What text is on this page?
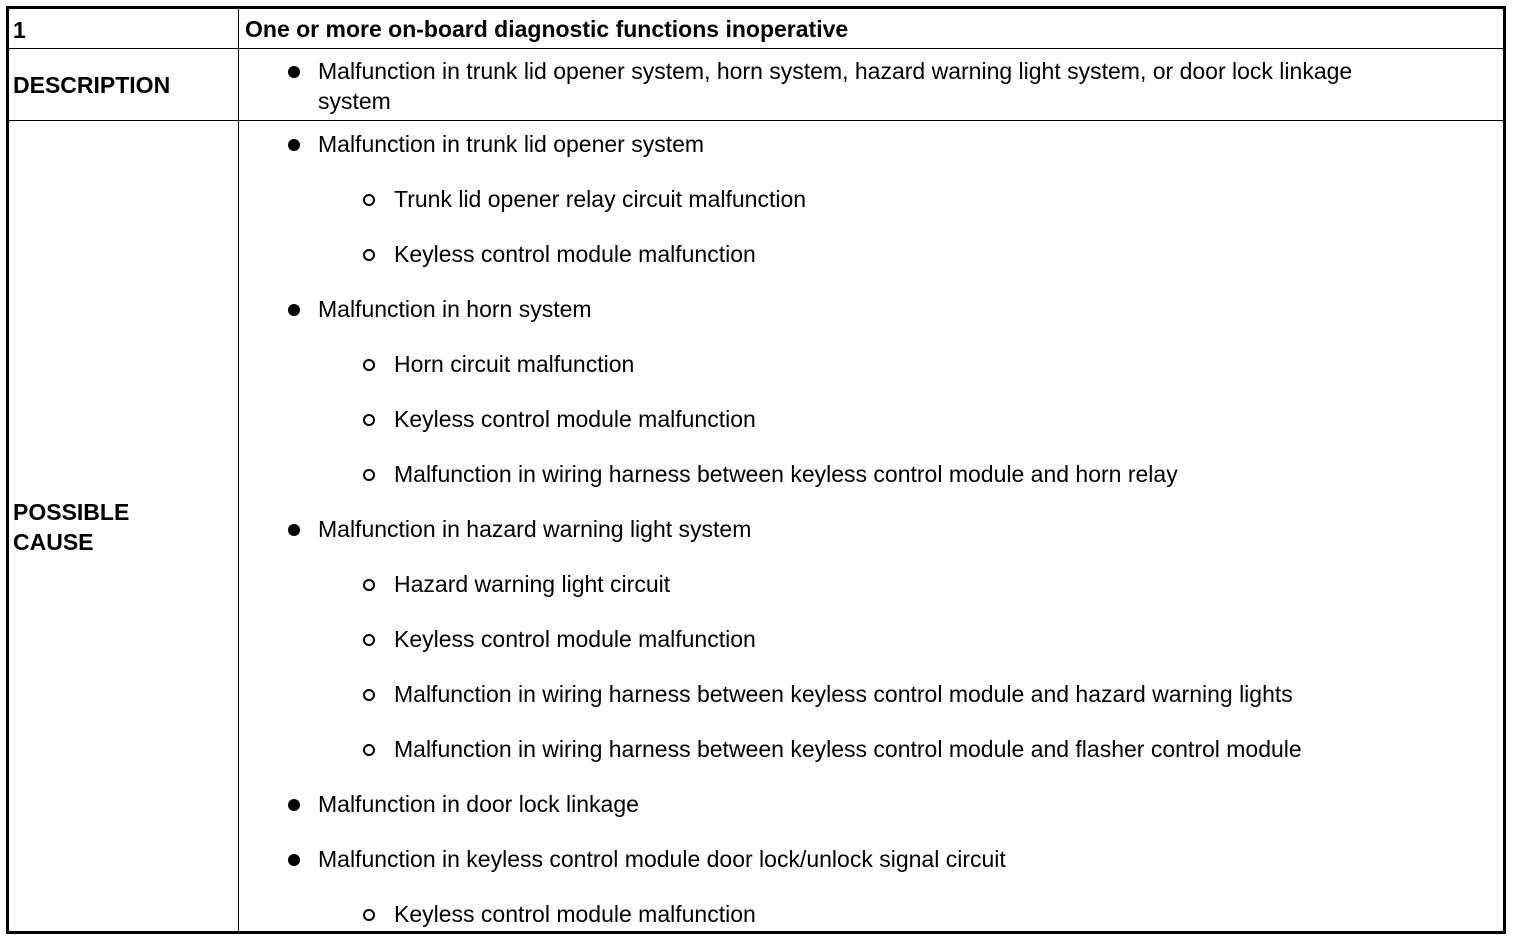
1	One or more on-board diagnostic functions inoperative
DESCRIPTION
Malfunction in trunk lid opener system, horn system, hazard warning light system, or door lock linkage
system
POSSIBLE
CAUSE
Malfunction in trunk lid opener system
Trunk lid opener relay circuit malfunction
Keyless control module malfunction
Malfunction in horn system
Horn circuit malfunction
Keyless control module malfunction
Malfunction in wiring harness between keyless control module and horn relay
Malfunction in hazard warning light system
Hazard warning light circuit
Keyless control module malfunction
Malfunction in wiring harness between keyless control module and hazard warning lights
Malfunction in wiring harness between keyless control module and flasher control module
Malfunction in door lock linkage
Malfunction in keyless control module door lock/unlock signal circuit
Keyless control module malfunction
